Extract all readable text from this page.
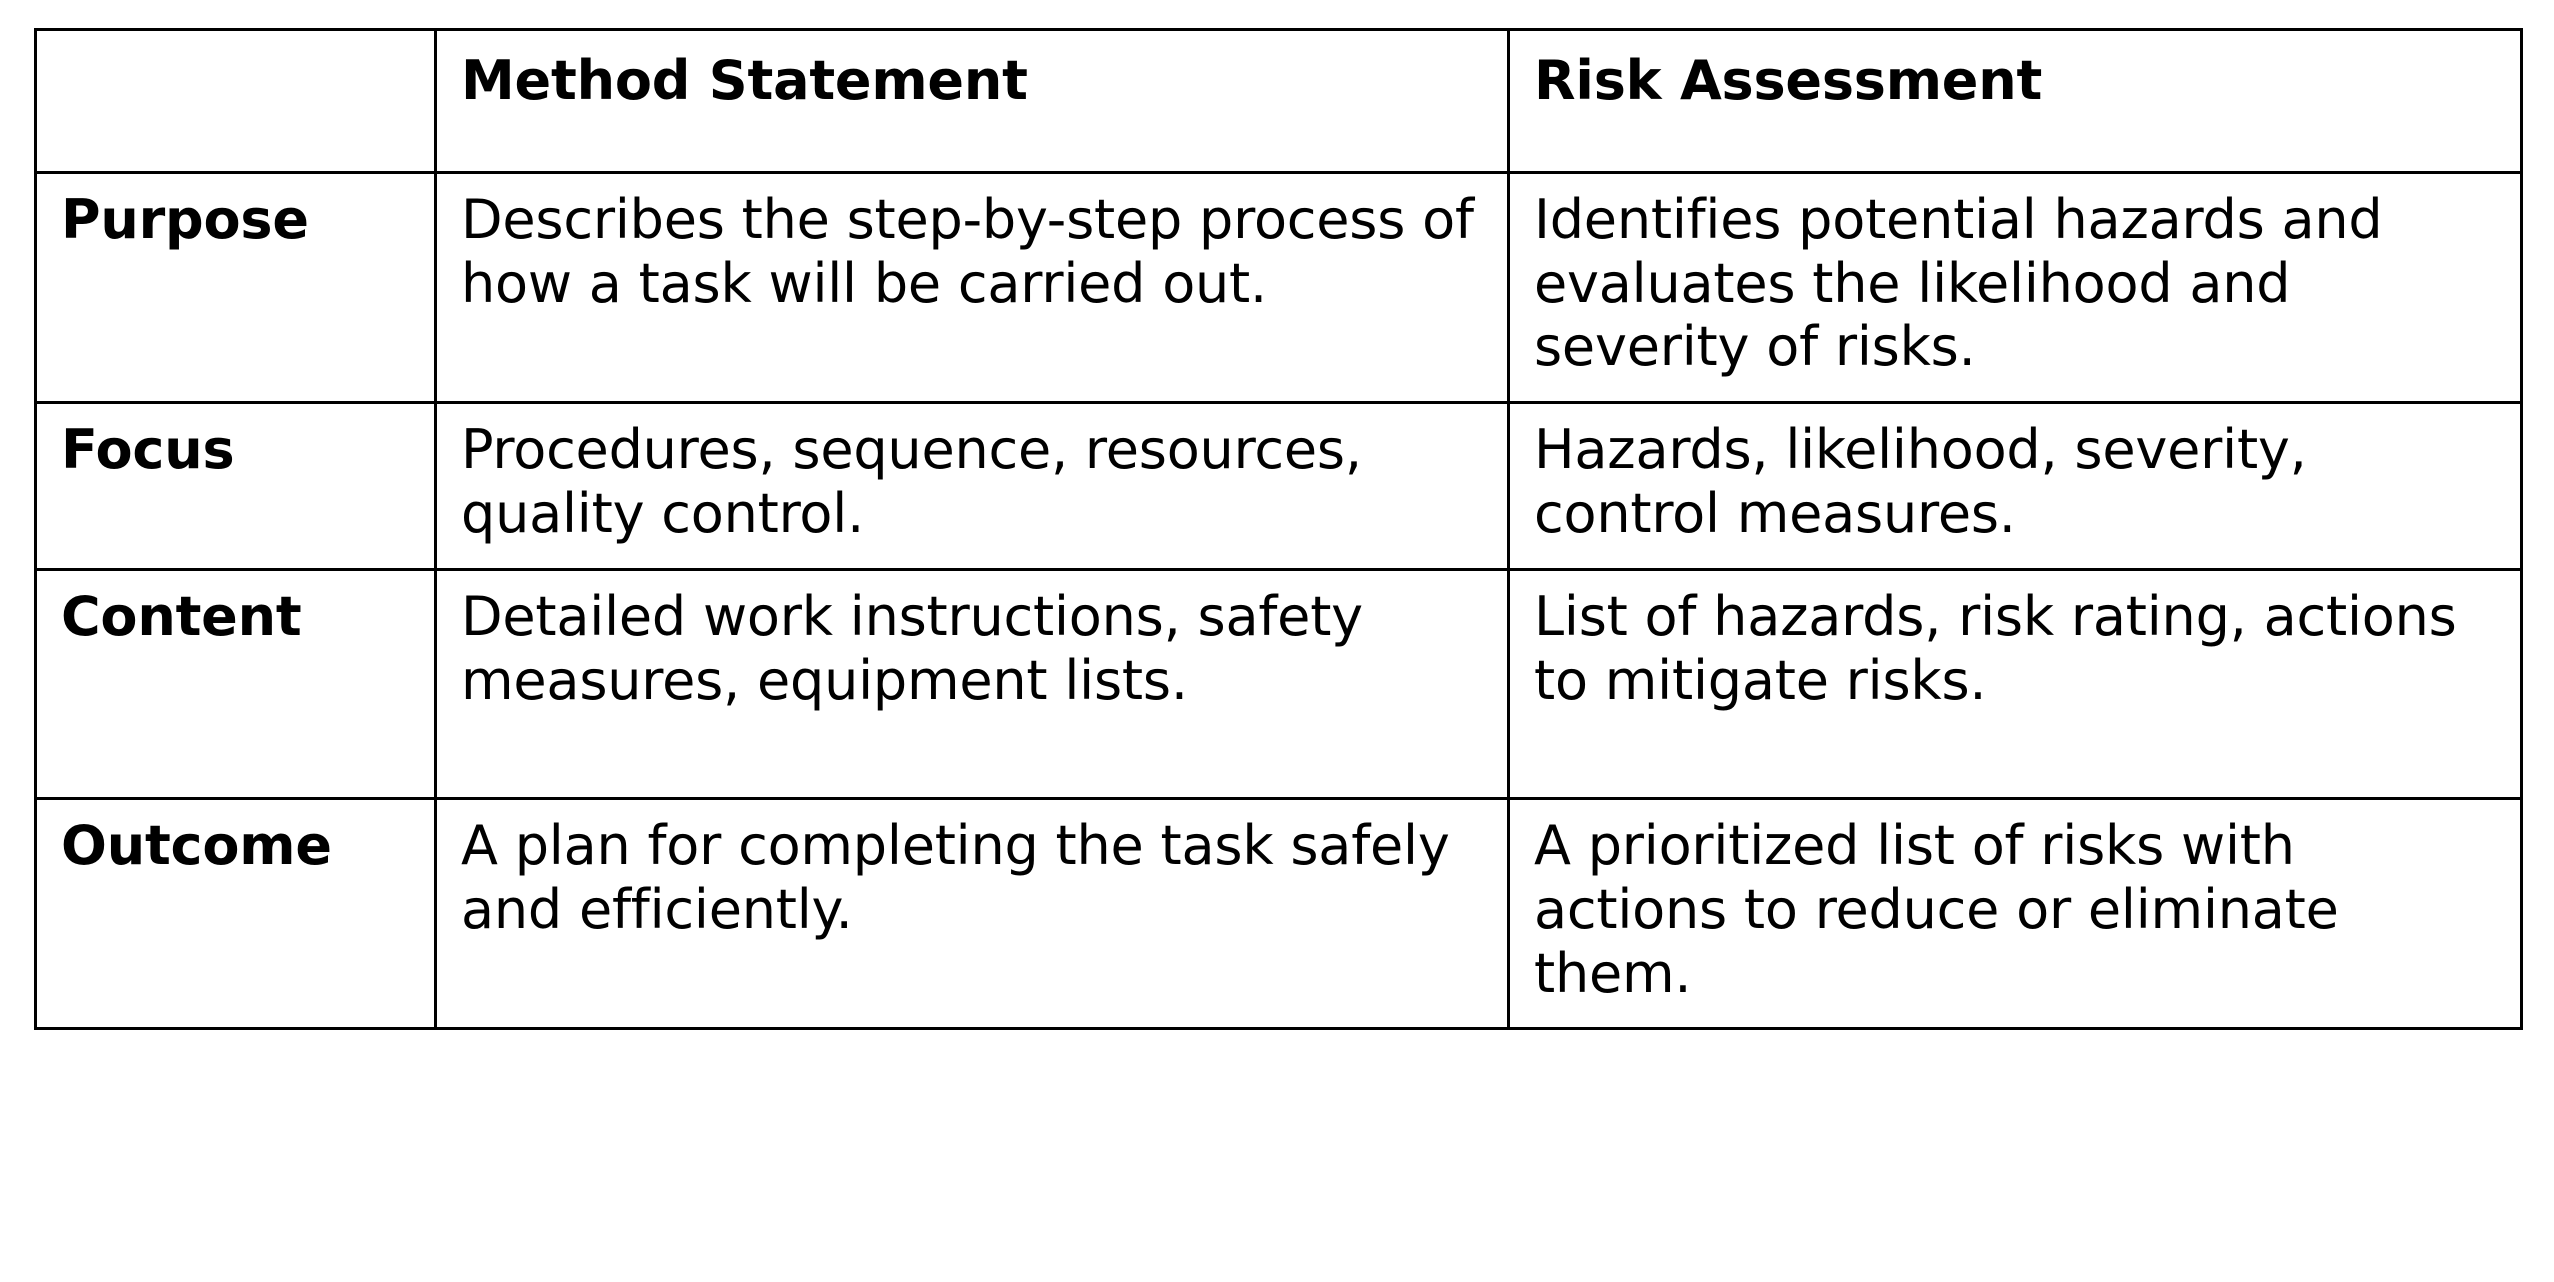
	Method Statement	Risk Assessment
Purpose	Describes the step-by-step process of how a task will be carried out.	Identifies potential hazards and evaluates the likelihood and severity of risks.

Focus	Procedures, sequence, resources, quality control.	Hazards, likelihood, severity, control measures.

Content	Detailed work instructions, safety measures, equipment lists.	List of hazards, risk rating, actions to mitigate risks.

Outcome	A plan for completing the task safely and efficiently.	A prioritized list of risks with actions to reduce or eliminate them.
